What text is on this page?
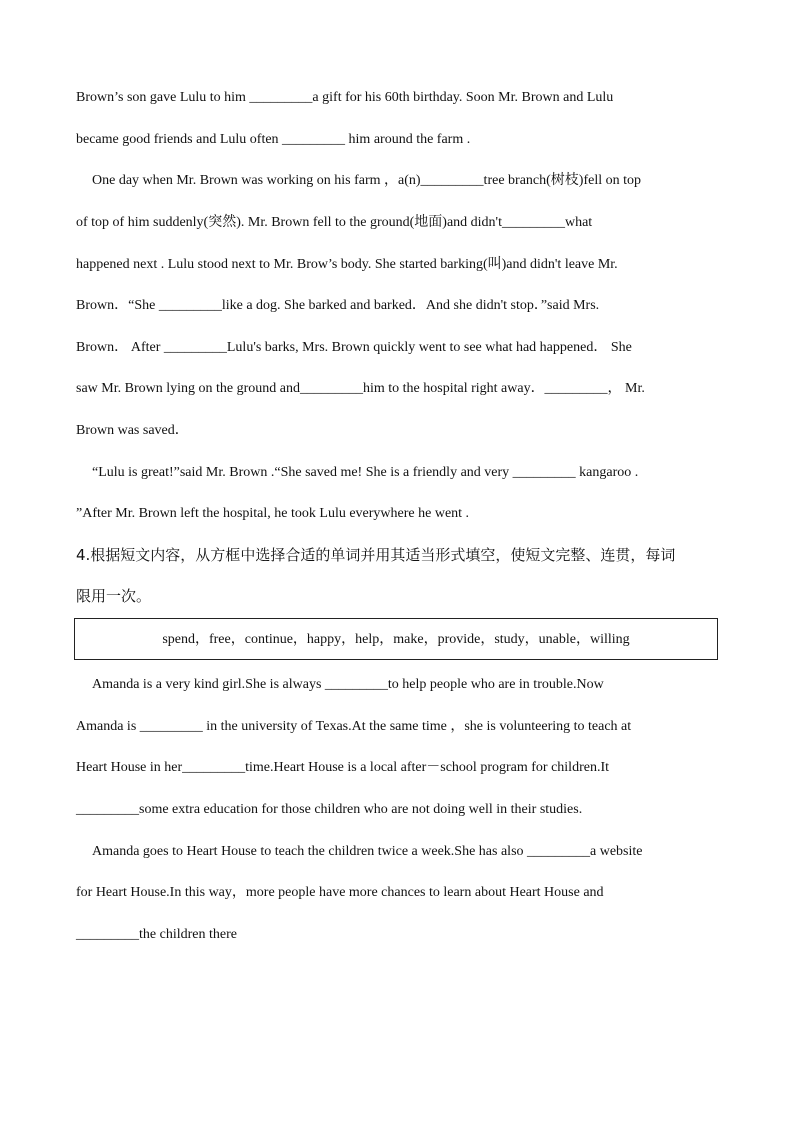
Brown’s son gave Lulu to him _________a gift for his 60th birthday. Soon Mr. Brown and Lulu
became good friends and Lulu often _________ him around the farm .
One day when Mr. Brown was working on his farm ，a(n)_________tree branch(树枝)fell on top
of top of him suddenly(突然). Mr. Brown fell to the ground(地面)and didn't_________what
happened next . Lulu stood next to Mr. Brow’s body. She started barking(叫)and didn't leave Mr.
Brown．“She _________like a dog. She barked and barked．And she didn't stop．”said Mrs.
Brown． After _________Lulu's barks, Mrs. Brown quickly went to see what had happened． She
saw Mr. Brown lying on the ground and_________him to the hospital right away．_________， Mr.
Brown was saved．
“Lulu is great!”said Mr. Brown .“She saved me! She is a friendly and very _________ kangaroo .
”After Mr. Brown left the hospital, he took Lulu everywhere he went .
4.根据短文内容，从方框中选择合适的单词并用其适当形式填空，使短文完整、连贯，每词
限用一次。
spend，free，continue，happy，help，make，provide，study，unable，willing
Amanda is a very kind girl.She is always _________to help people who are in trouble.Now
Amanda is _________ in the university of Texas.At the same time ，she is volunteering to teach at
Heart House in her_________time.Heart House is a local after－school program for children.It
_________some extra education for those children who are not doing well in their studies.
Amanda goes to Heart House to teach the children twice a week.She has also _________a website
for Heart House.In this way，more people have more chances to learn about Heart House and
_________the children there
